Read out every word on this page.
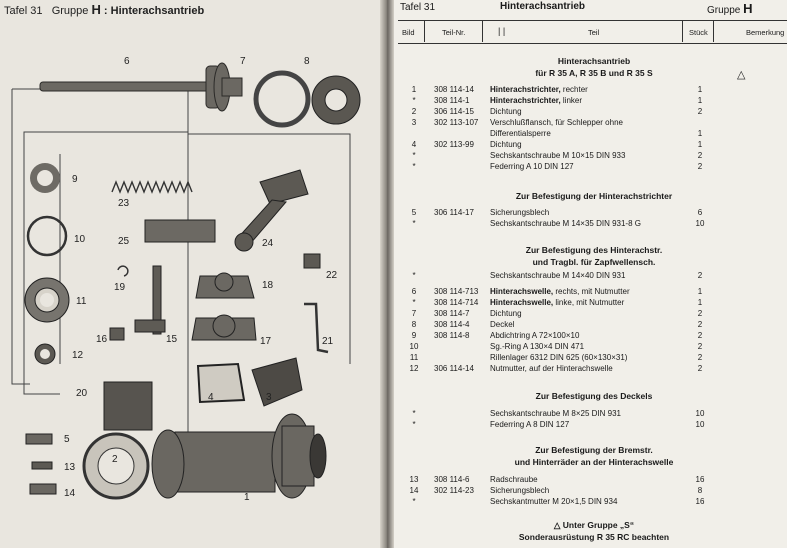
Tafel 31 Gruppe H : Hinterachsantrieb
6	7	8
9
10
11
12
23
25	24
22
19	18
16	15	17	21
20	4	3
5
13
14
2
1
Tafel 31	Hinterachsantrieb	Gruppe H
Bild	Teil-Nr.	| |	Teil	Stück	Bemerkung
Hinterachsantrieb
für R 35 A, R 35 B und R 35 S	△
1	308 114-14 Hinterachstrichter, rechter	1
*	308 114-1	Hinterachstrichter, linker	1
2	306 114-15 Dichtung	2
3	302 113-107 Verschlußflansch, für Schlepper ohne
Differentialsperre	1
4	302 113-99 Dichtung	1
*	Sechskantschraube M 10×15 DIN 933	2
*	Federring A 10 DIN 127	2
Zur Befestigung der Hinterachstrichter
5	306 114-17 Sicherungsblech	6
*	Sechskantschraube M 14×35 DIN 931-8 G	10
Zur Befestigung des Hinterachstr.
und Tragbl. für Zapfwellensch.
*	Sechskantschraube M 14×40 DIN 931	2
6	308 114-713 Hinterachswelle, rechts, mit Nutmutter	1
*	308 114-714 Hinterachswelle, linke, mit Nutmutter	1
7	308 114-7	Dichtung	2
8	308 114-4	Deckel	2
9	308 114-8	Abdichtring A 72×100×10	2
10	Sg.-Ring A 130×4 DIN 471	2
11	Rillenlager 6312 DIN 625 (60×130×31)	2
12 306 114-14 Nutmutter, auf der Hinterachswelle	2
Zur Befestigung des Deckels
*	Sechskantschraube M 8×25 DIN 931	10
*	Federring A 8 DIN 127	10
Zur Befestigung der Bremstr.
und Hinterräder an der Hinterachswelle
13 308 114-6	Radschraube	16
14 302 114-23 Sicherungsblech	8
*	Sechskantmutter M 20×1,5 DIN 934	16
△ Unter Gruppe „S“
Sonderausrüstung R 35 RC beachten
